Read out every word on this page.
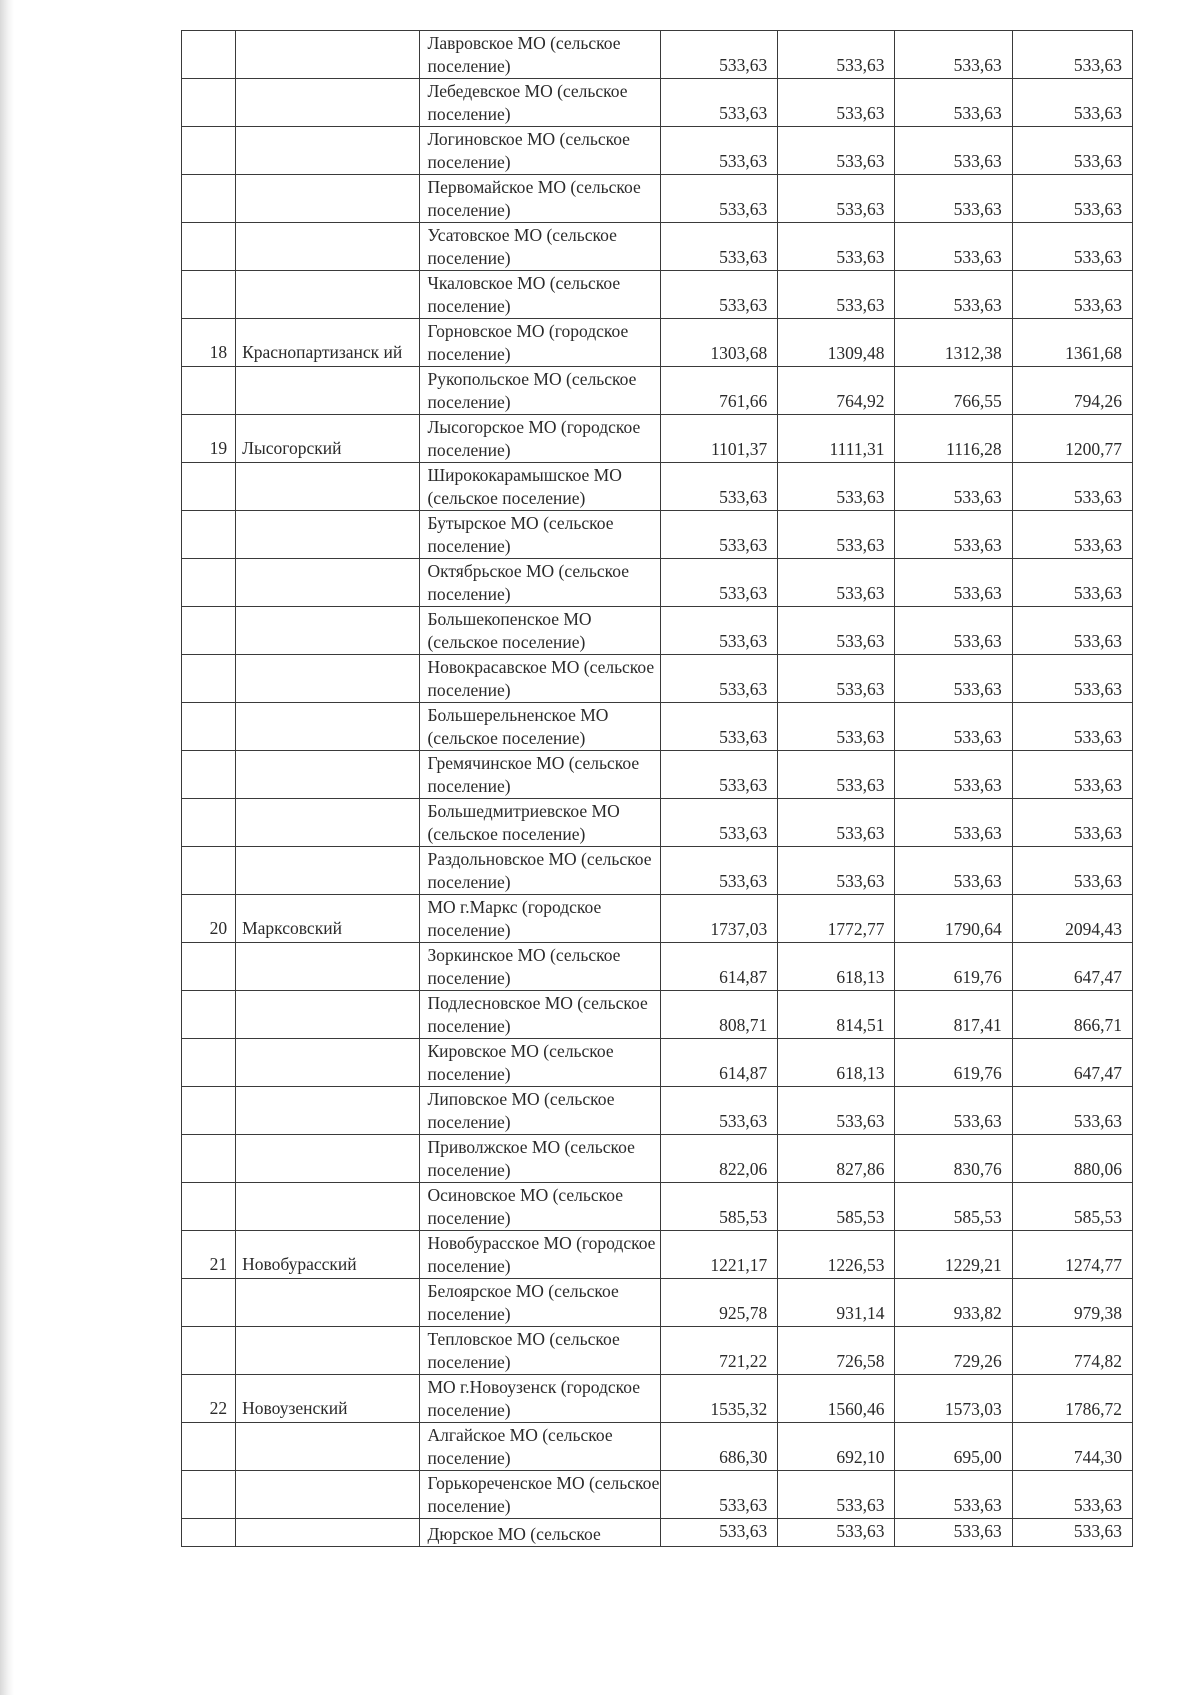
		Лавровское МО (сельское поселение)	533,63	533,63	533,63	533,63

		Лебедевское МО (сельское поселение)	533,63	533,63	533,63	533,63

		Логиновское МО (сельское поселение)	533,63	533,63	533,63	533,63

		Первомайское МО (сельское поселение)	533,63	533,63	533,63	533,63

		Усатовское МО (сельское поселение)	533,63	533,63	533,63	533,63

		Чкаловское МО (сельское поселение)	533,63	533,63	533,63	533,63
18	Краснопартизанск ий	Горновское МО (городское поселение)	1303,68	1309,48	1312,38	1361,68

		Рукопольское МО (сельское поселение)	761,66	764,92	766,55	794,26
19	Лысогорский	Лысогорское МО (городское поселение)	1101,37	1111,31	1116,28	1200,77

		Ширококарамышское МО (сельское поселение)	533,63	533,63	533,63	533,63

		Бутырское МО (сельское поселение)	533,63	533,63	533,63	533,63

		Октябрьское МО (сельское поселение)	533,63	533,63	533,63	533,63

		Большекопенское МО (сельское поселение)	533,63	533,63	533,63	533,63

		Новокрасавское МО (сельское поселение)	533,63	533,63	533,63	533,63

		Большерельненское МО (сельское поселение)	533,63	533,63	533,63	533,63

		Гремячинское МО (сельское поселение)	533,63	533,63	533,63	533,63

		Большедмитриевское МО (сельское поселение)	533,63	533,63	533,63	533,63

		Раздольновское МО (сельское поселение)	533,63	533,63	533,63	533,63
20	Марксовский	МО г.Маркс (городское поселение)	1737,03	1772,77	1790,64	2094,43

		Зоркинское МО (сельское поселение)	614,87	618,13	619,76	647,47

		Подлесновское МО (сельское поселение)	808,71	814,51	817,41	866,71

		Кировское МО (сельское поселение)	614,87	618,13	619,76	647,47

		Липовское МО (сельское поселение)	533,63	533,63	533,63	533,63

		Приволжское МО (сельское поселение)	822,06	827,86	830,76	880,06

		Осиновское МО (сельское поселение)	585,53	585,53	585,53	585,53
21	Новобурасский	Новобурасское МО (городское поселение)	1221,17	1226,53	1229,21	1274,77

		Белоярское МО (сельское поселение)	925,78	931,14	933,82	979,38

		Тепловское МО (сельское поселение)	721,22	726,58	729,26	774,82
22	Новоузенский	МО г.Новоузенск (городское поселение)	1535,32	1560,46	1573,03	1786,72

		Алгайское МО (сельское поселение)	686,30	692,10	695,00	744,30

		Горькореченское МО (сельское поселение)	533,63	533,63	533,63	533,63

		Дюрское МО (сельское	533,63	533,63	533,63	533,63
